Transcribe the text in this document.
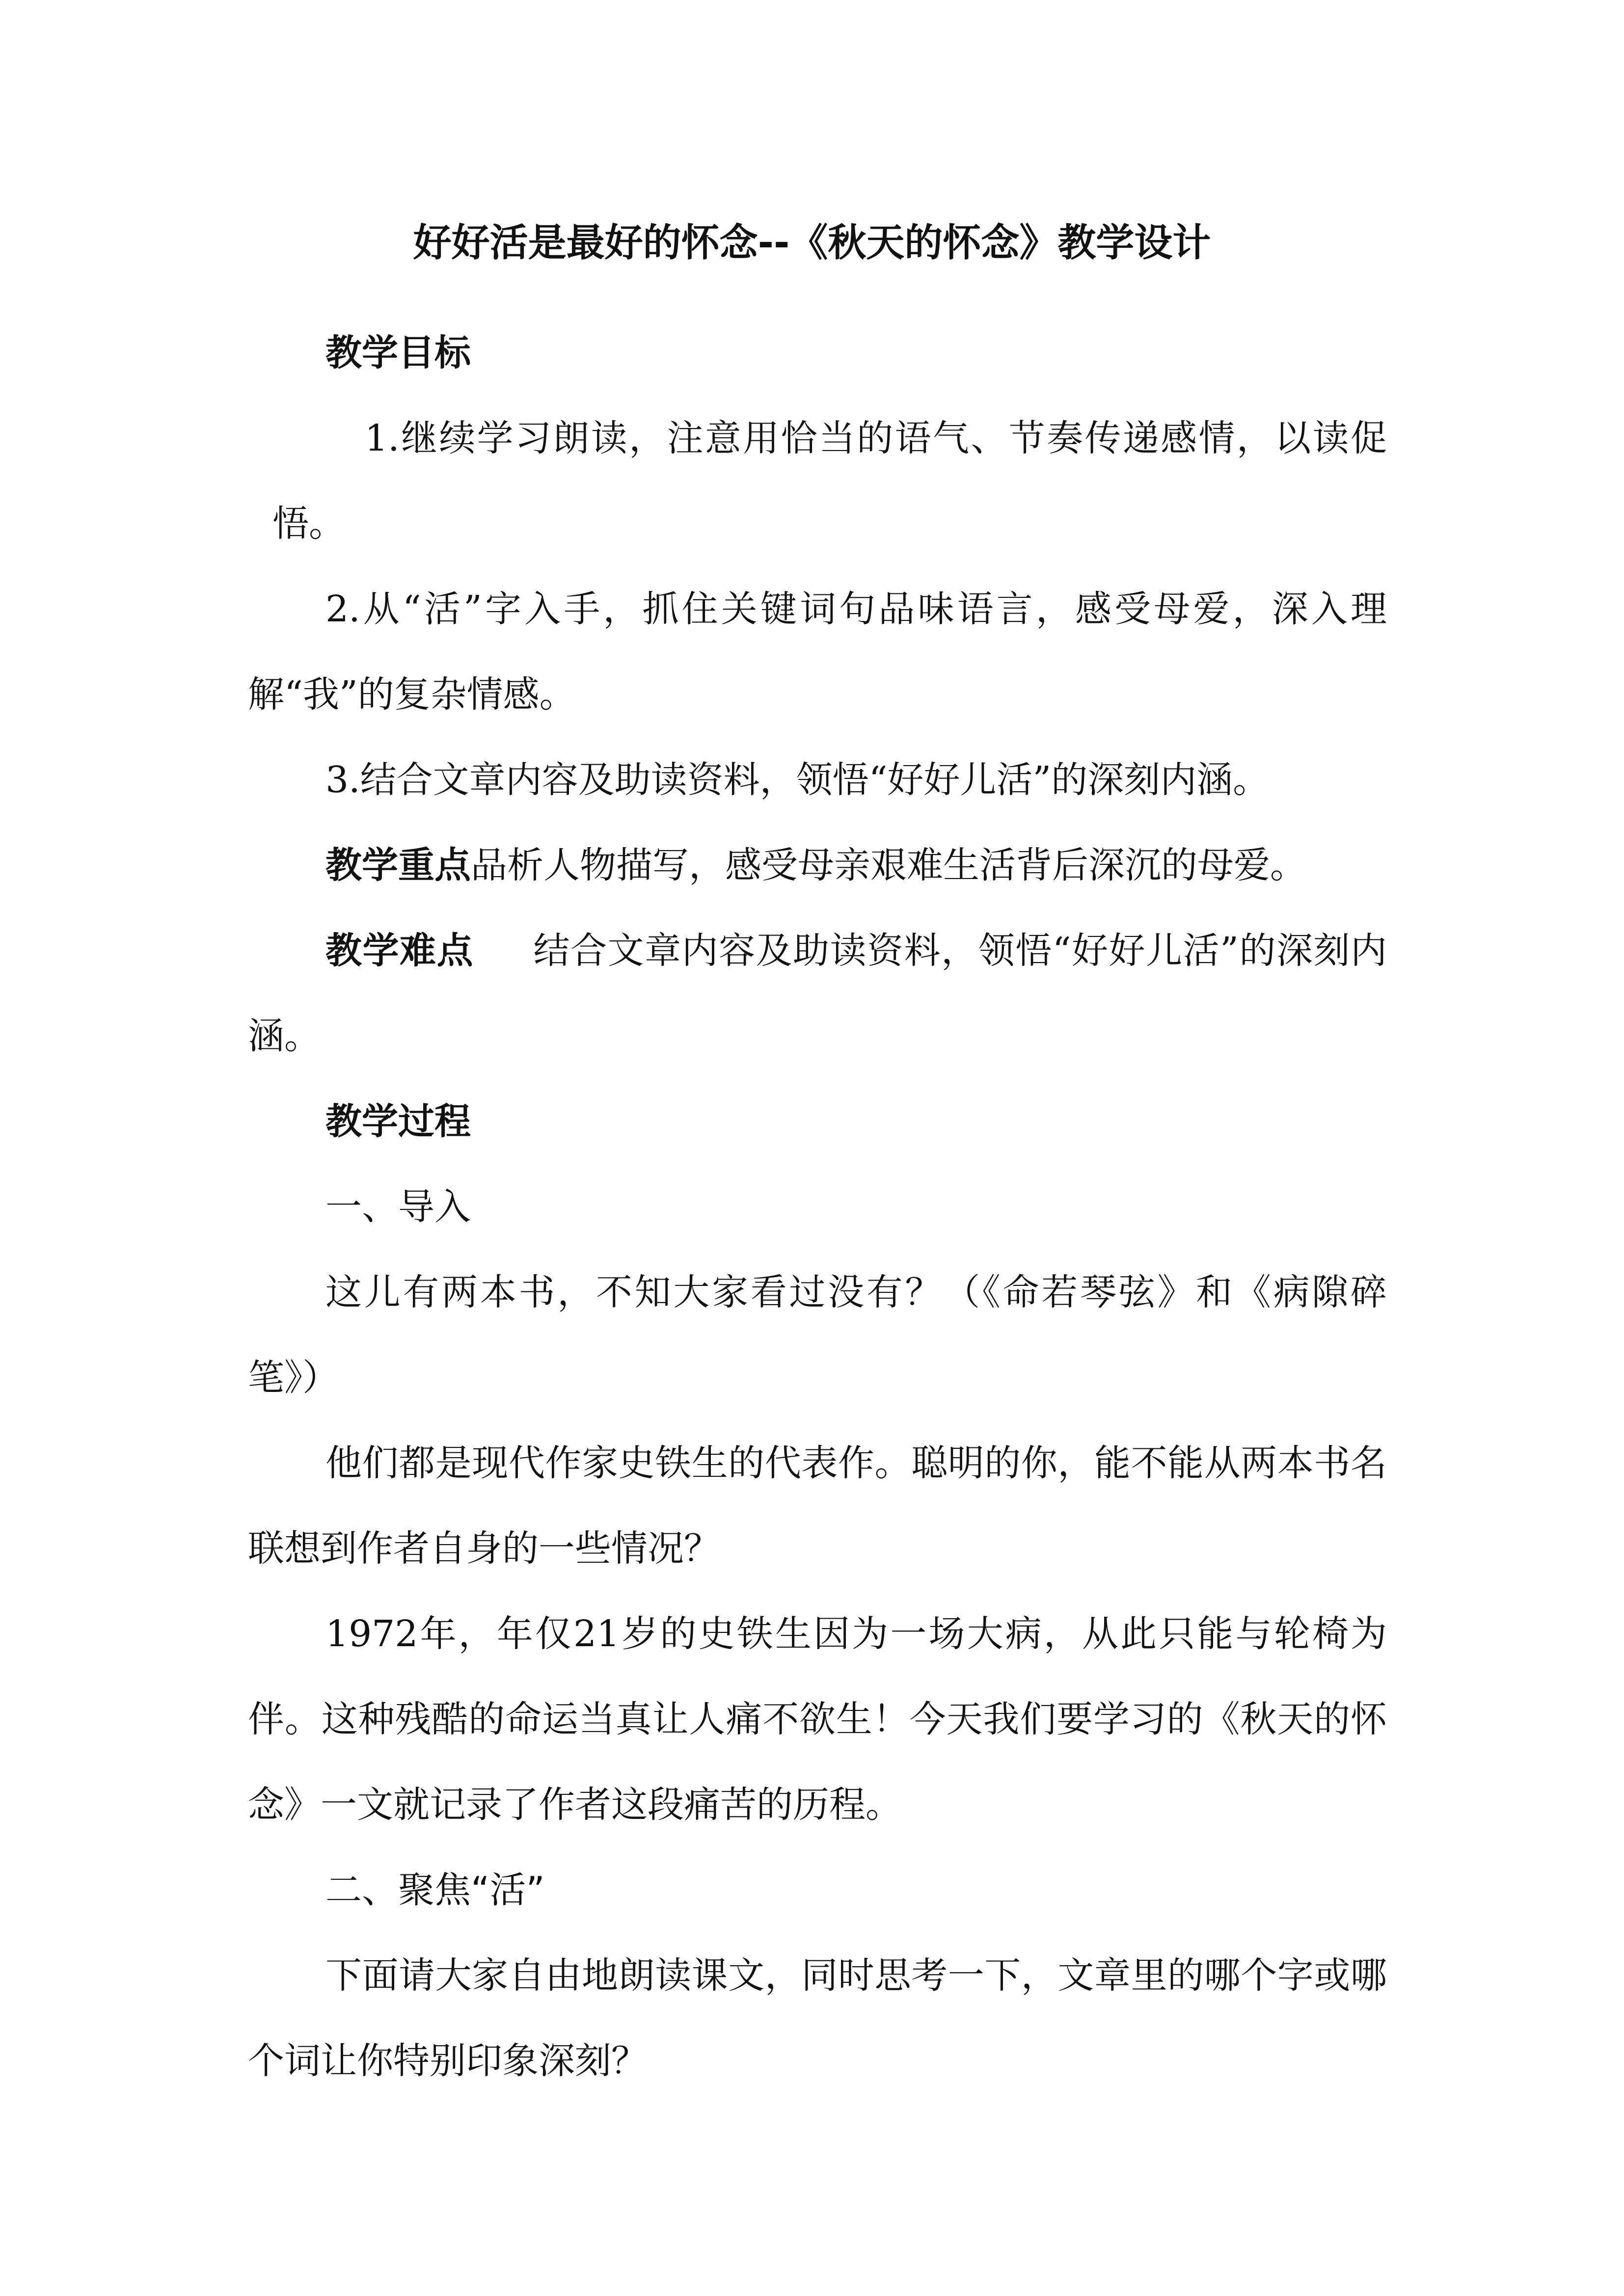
好好活是最好的怀念--《秋天的怀念》教学设计

教学目标

1.继续学习朗读，注意用恰当的语气、节奏传递感情，以读促悟。

2.从“活”字入手，抓住关键词句品味语言，感受母爱，深入理解“我”的复杂情感。

3.结合文章内容及助读资料，领悟“好好儿活”的深刻内涵。

教学重点品析人物描写，感受母亲艰难生活背后深沉的母爱。

教学难点 结合文章内容及助读资料，领悟“好好儿活”的深刻内涵。

教学过程

一、导入

这儿有两本书，不知大家看过没有？（《命若琴弦》和《病隙碎笔》）

他们都是现代作家史铁生的代表作。聪明的你，能不能从两本书名联想到作者自身的一些情况？

1972年，年仅21岁的史铁生因为一场大病，从此只能与轮椅为伴。这种残酷的命运当真让人痛不欲生！今天我们要学习的《秋天的怀念》一文就记录了作者这段痛苦的历程。

二、聚焦“活”

下面请大家自由地朗读课文，同时思考一下，文章里的哪个字或哪个词让你特别印象深刻？
